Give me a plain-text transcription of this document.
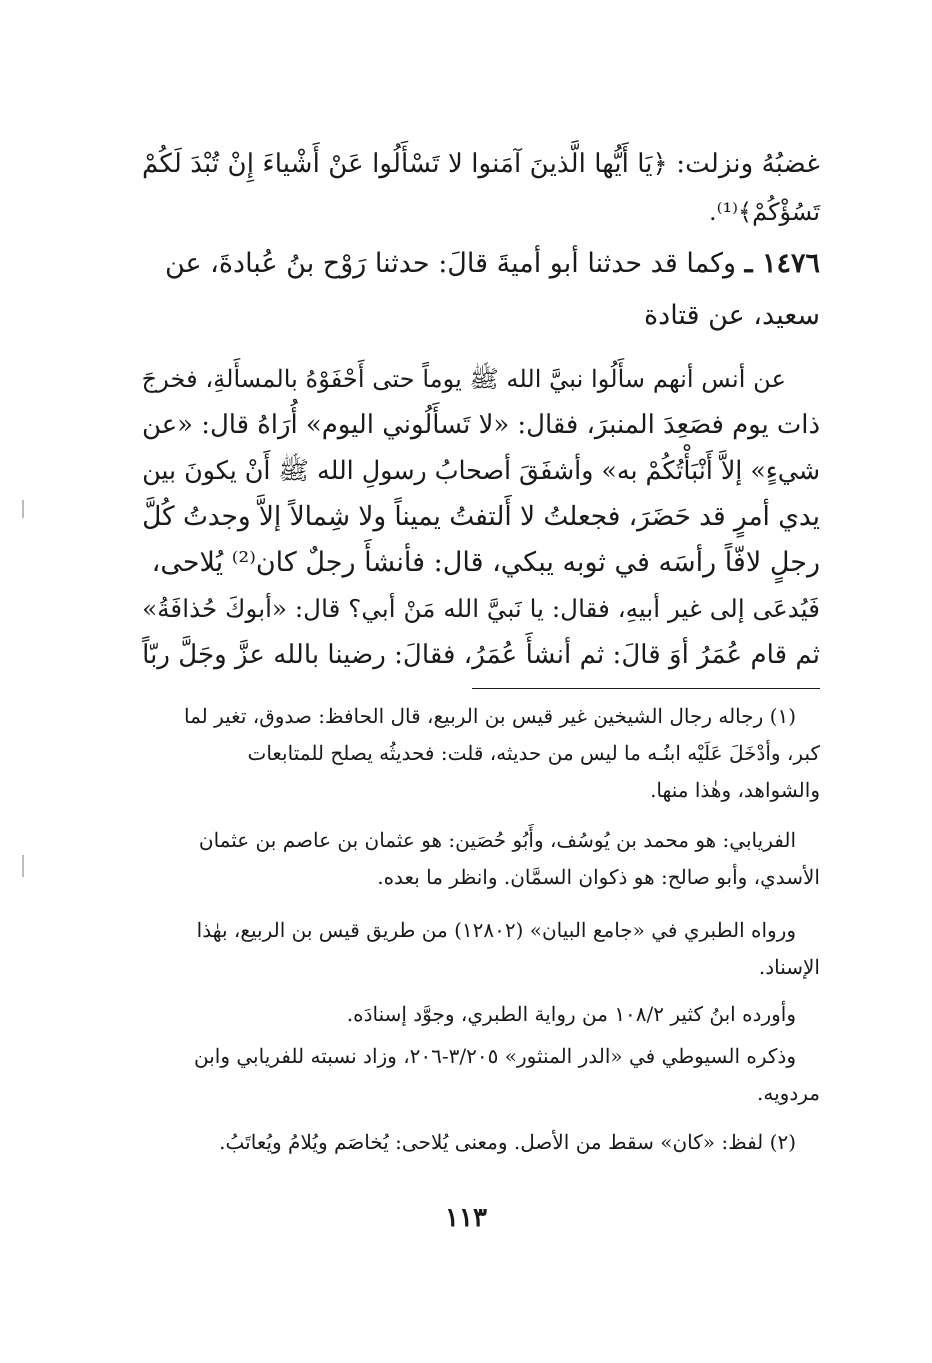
غضبُهُ ونزلت: ﴿يَا أَيُّها الَّذينَ آمَنوا لا تَسْأَلُوا عَنْ أَشْياءَ إِنْ تُبْدَ لَكُمْ
تَسُؤْكُمْ﴾⁽¹⁾.
١٤٧٦ ـ وكما قد حدثنا أبو أميةَ قالَ: حدثنا رَوْح بنُ عُبادةَ، عن
سعيد، عن قتادة
عن أنس أنهم سأَلُوا نبيَّ الله ﷺ يوماً حتى أَحْفَوْهُ بالمسأَلةِ، فخرجَ
ذات يوم فصَعِدَ المنبرَ، فقال: «لا تَسأَلُوني اليوم» أُرَاهُ قال: «عن
شيءٍ» إلاَّ أَنْبَأْتُكُمْ به» وأشفَقَ أصحابُ رسولِ الله ﷺ أَنْ يكونَ بين
يدي أمرٍ قد حَضَرَ، فجعلتُ لا أَلتفتُ يميناً ولا شِمالاً إلاَّ وجدتُ كُلَّ
رجلٍ لافّاً رأسَه في ثوبه يبكي، قال: فأنشأَ رجلٌ كان⁽²⁾ يُلاحى،
فَيُدعَى إلى غير أبيهِ، فقال: يا نَبيَّ الله مَنْ أبي؟ قال: «أبوكَ حُذافَةُ»
ثم قام عُمَرُ أوَ قالَ: ثم أنشأَ عُمَرُ، فقالَ: رضينا بالله عزَّ وجَلَّ ربّاً
(١) رجاله رجال الشيخين غير قيس بن الربيع، قال الحافظ: صدوق، تغير لما
كبر، وأدْخَلَ عَلَيْه ابنُـه ما ليس من حديثه، قلت: فحديثُه يصلح للمتابعات
والشواهد، وهٰذا منها.
الفريابي: هو محمد بن يُوسُف، وأَبُو حُصَين: هو عثمان بن عاصم بن عثمان
الأسدي، وأبو صالح: هو ذكوان السمَّان. وانظر ما بعده.
ورواه الطبري في «جامع البيان» (١٢٨٠٢) من طريق قيس بن الربيع، بهٰذا
الإسناد.
وأورده ابنُ كثير ١٠٨/٢ من رواية الطبري، وجوَّد إسنادَه.
وذكره السيوطي في «الدر المنثور» ٣/٢٠٥-٢٠٦، وزاد نسبته للفريابي وابن
مردويه.
(٢) لفظ: «كان» سقط من الأصل. ومعنى يُلاحى: يُخاصَم ويُلامُ ويُعاتَبُ.
١١٣
